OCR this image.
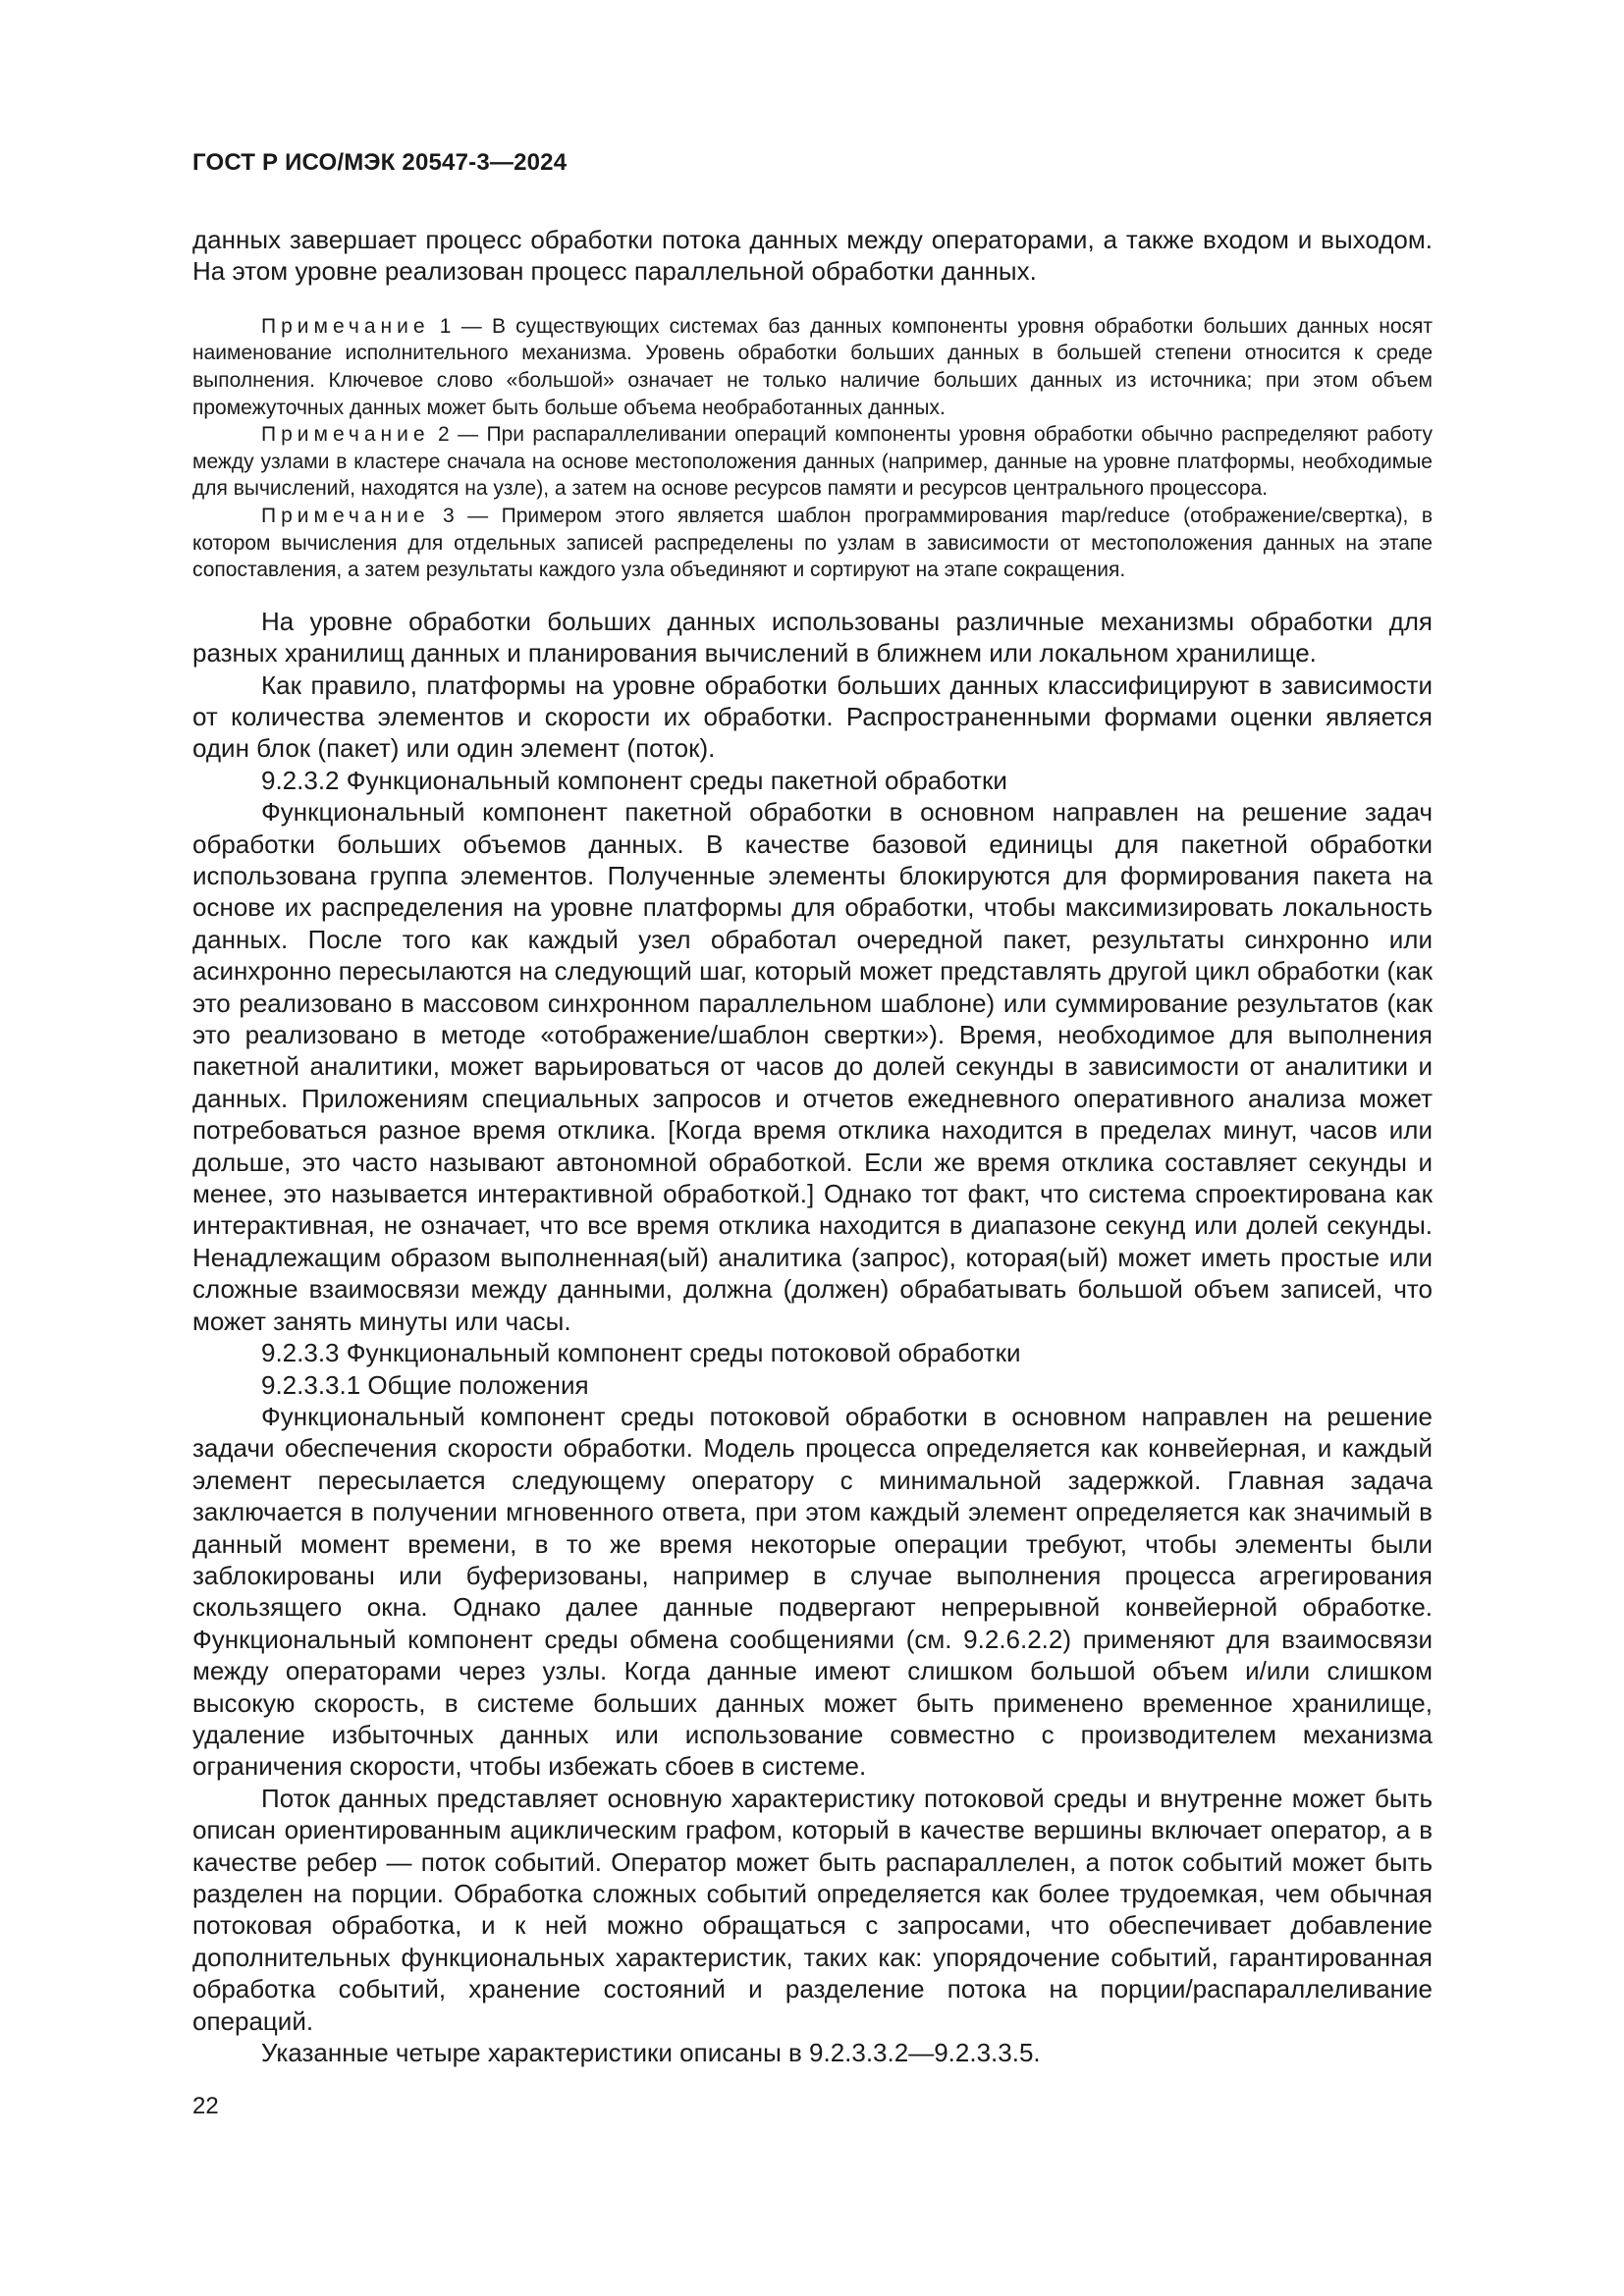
ГОСТ Р ИСО/МЭК 20547-3—2024

данных завершает процесс обработки потока данных между операторами, а также входом и выходом. На этом уровне реализован процесс параллельной обработки данных.

Примечание 1 — В существующих системах баз данных компоненты уровня обработки больших данных носят наименование исполнительного механизма. Уровень обработки больших данных в большей степени относится к среде выполнения. Ключевое слово «большой» означает не только наличие больших данных из источника; при этом объем промежуточных данных может быть больше объема необработанных данных.

Примечание 2 — При распараллеливании операций компоненты уровня обработки обычно распределяют работу между узлами в кластере сначала на основе местоположения данных (например, данные на уровне платформы, необходимые для вычислений, находятся на узле), а затем на основе ресурсов памяти и ресурсов центрального процессора.

Примечание 3 — Примером этого является шаблон программирования map/reduce (отображение/свертка), в котором вычисления для отдельных записей распределены по узлам в зависимости от местоположения данных на этапе сопоставления, а затем результаты каждого узла объединяют и сортируют на этапе сокращения.

На уровне обработки больших данных использованы различные механизмы обработки для разных хранилищ данных и планирования вычислений в ближнем или локальном хранилище.

Как правило, платформы на уровне обработки больших данных классифицируют в зависимости от количества элементов и скорости их обработки. Распространенными формами оценки является один блок (пакет) или один элемент (поток).

9.2.3.2 Функциональный компонент среды пакетной обработки

Функциональный компонент пакетной обработки в основном направлен на решение задач обработки больших объемов данных. В качестве базовой единицы для пакетной обработки использована группа элементов. Полученные элементы блокируются для формирования пакета на основе их распределения на уровне платформы для обработки, чтобы максимизировать локальность данных. После того как каждый узел обработал очередной пакет, результаты синхронно или асинхронно пересылаются на следующий шаг, который может представлять другой цикл обработки (как это реализовано в массовом синхронном параллельном шаблоне) или суммирование результатов (как это реализовано в методе «отображение/шаблон свертки»). Время, необходимое для выполнения пакетной аналитики, может варьироваться от часов до долей секунды в зависимости от аналитики и данных. Приложениям специальных запросов и отчетов ежедневного оперативного анализа может потребоваться разное время отклика. [Когда время отклика находится в пределах минут, часов или дольше, это часто называют автономной обработкой. Если же время отклика составляет секунды и менее, это называется интерактивной обработкой.] Однако тот факт, что система спроектирована как интерактивная, не означает, что все время отклика находится в диапазоне секунд или долей секунды. Ненадлежащим образом выполненная(ый) аналитика (запрос), которая(ый) может иметь простые или сложные взаимосвязи между данными, должна (должен) обрабатывать большой объем записей, что может занять минуты или часы.

9.2.3.3 Функциональный компонент среды потоковой обработки

9.2.3.3.1 Общие положения

Функциональный компонент среды потоковой обработки в основном направлен на решение задачи обеспечения скорости обработки. Модель процесса определяется как конвейерная, и каждый элемент пересылается следующему оператору с минимальной задержкой. Главная задача заключается в получении мгновенного ответа, при этом каждый элемент определяется как значимый в данный момент времени, в то же время некоторые операции требуют, чтобы элементы были заблокированы или буферизованы, например в случае выполнения процесса агрегирования скользящего окна. Однако далее данные подвергают непрерывной конвейерной обработке. Функциональный компонент среды обмена сообщениями (см. 9.2.6.2.2) применяют для взаимосвязи между операторами через узлы. Когда данные имеют слишком большой объем и/или слишком высокую скорость, в системе больших данных может быть применено временное хранилище, удаление избыточных данных или использование совместно с производителем механизма ограничения скорости, чтобы избежать сбоев в системе.

Поток данных представляет основную характеристику потоковой среды и внутренне может быть описан ориентированным ациклическим графом, который в качестве вершины включает оператор, а в качестве ребер — поток событий. Оператор может быть распараллелен, а поток событий может быть разделен на порции. Обработка сложных событий определяется как более трудоемкая, чем обычная потоковая обработка, и к ней можно обращаться с запросами, что обеспечивает добавление дополнительных функциональных характеристик, таких как: упорядочение событий, гарантированная обработка событий, хранение состояний и разделение потока на порции/распараллеливание операций.

Указанные четыре характеристики описаны в 9.2.3.3.2—9.2.3.3.5.

22
